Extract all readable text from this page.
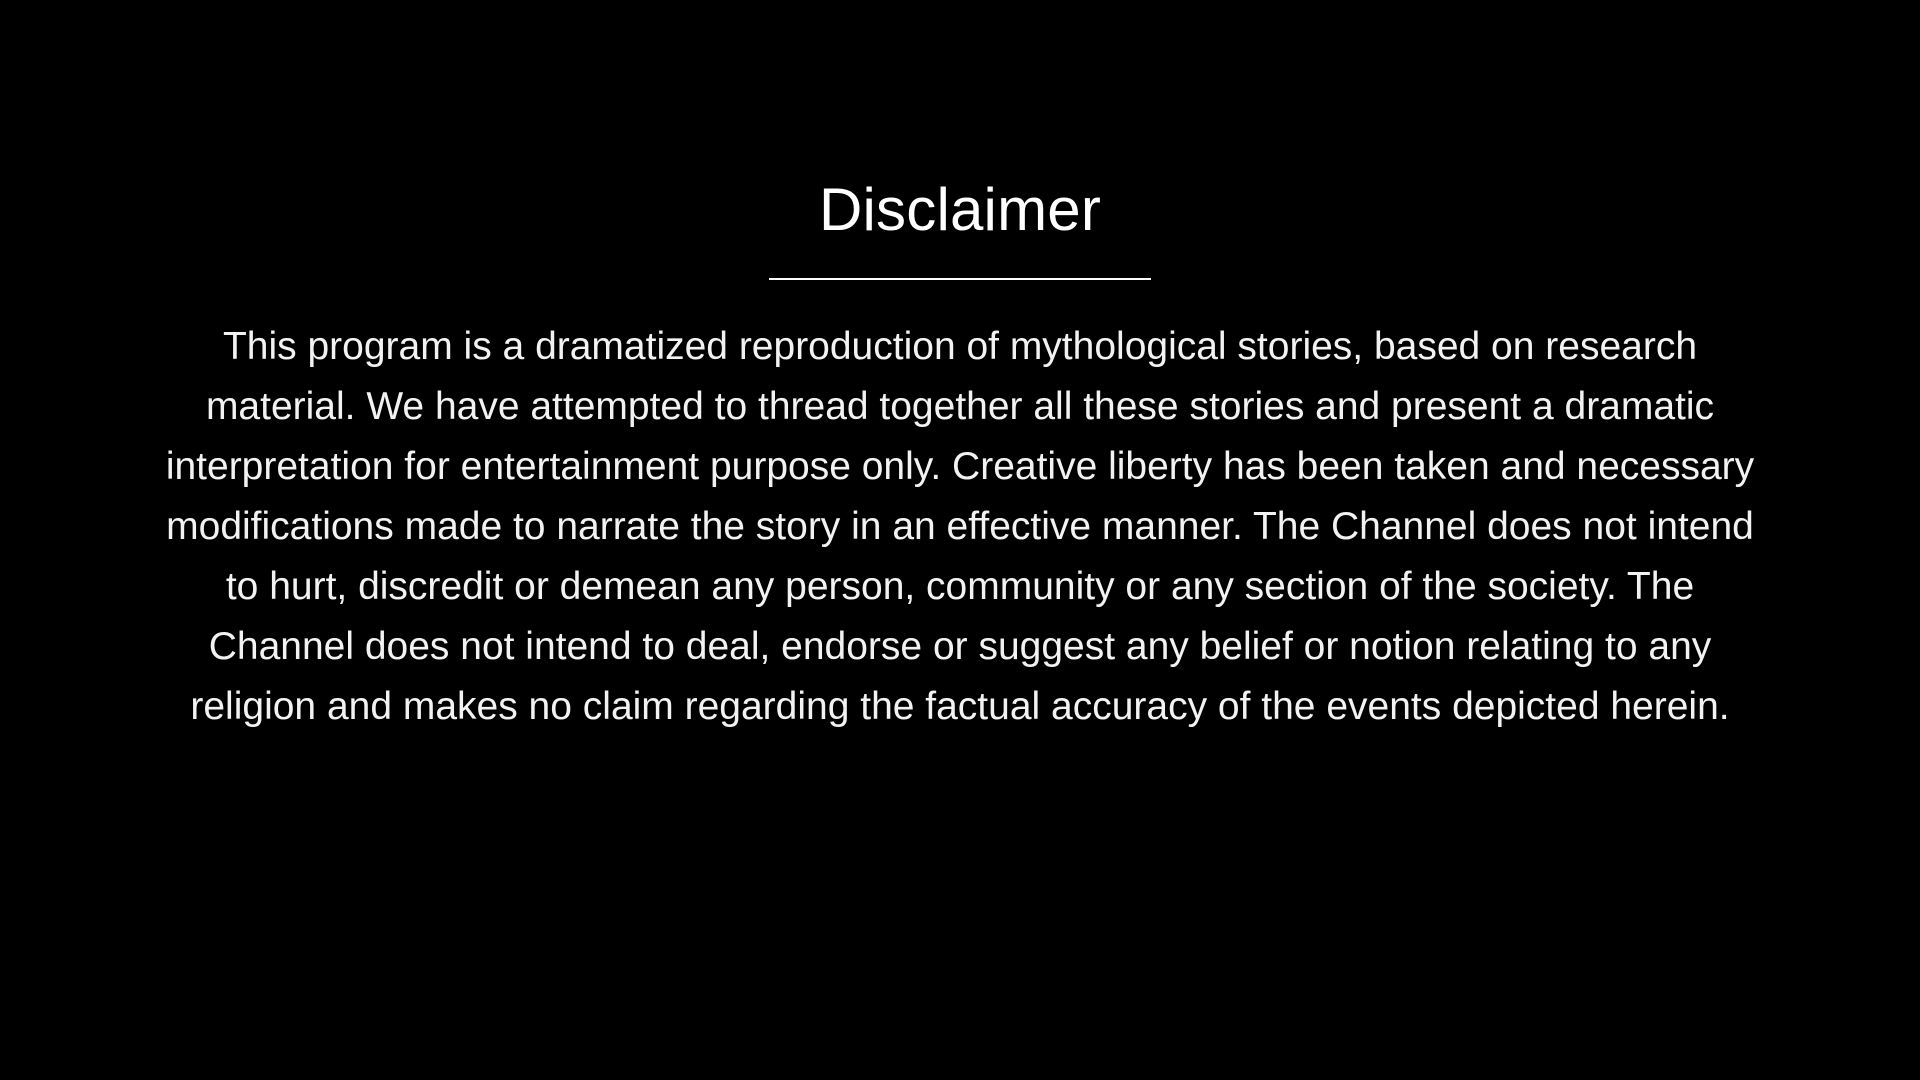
Disclaimer
This program is a dramatized reproduction of mythological stories, based on research material. We have attempted to thread together all these stories and present a dramatic interpretation for entertainment purpose only. Creative liberty has been taken and necessary modifications made to narrate the story in an effective manner. The Channel does not intend to hurt, discredit or demean any person, community or any section of the society. The Channel does not intend to deal, endorse or suggest any belief or notion relating to any religion and makes no claim regarding the factual accuracy of the events depicted herein.
